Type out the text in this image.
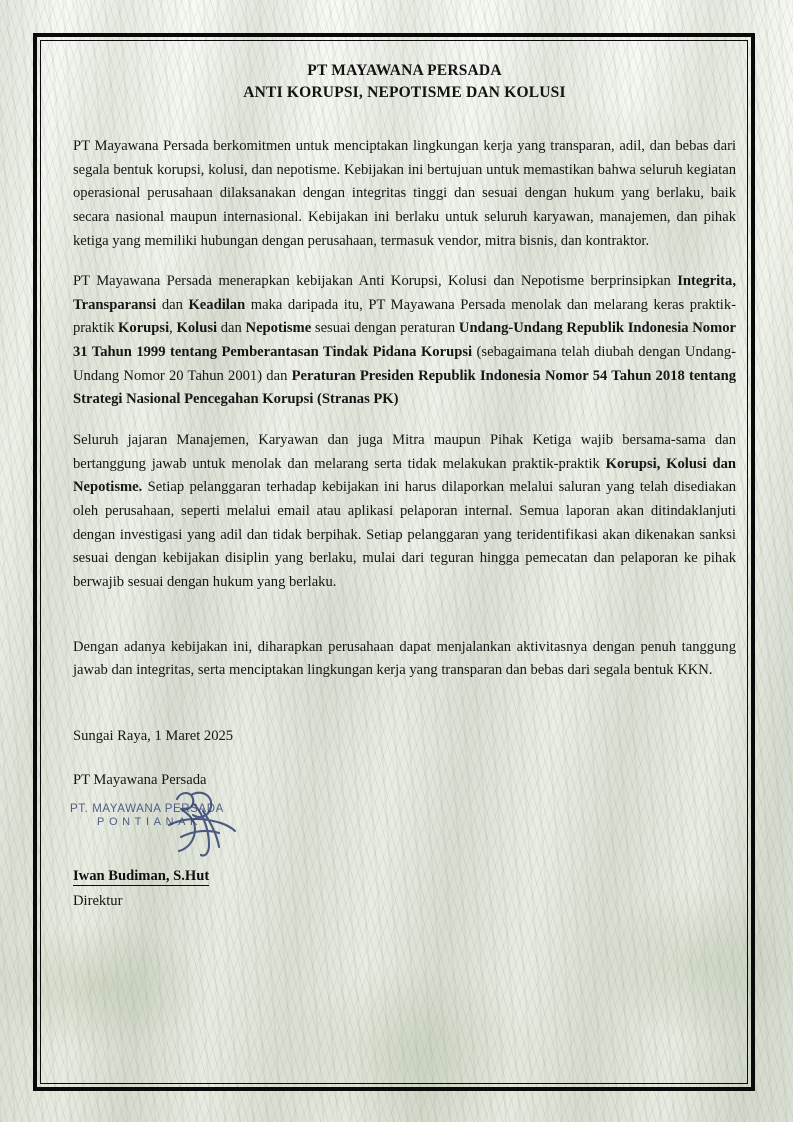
PT MAYAWANA PERSADA
ANTI KORUPSI, NEPOTISME DAN KOLUSI

PT Mayawana Persada berkomitmen untuk menciptakan lingkungan kerja yang transparan, adil, dan bebas dari segala bentuk korupsi, kolusi, dan nepotisme. Kebijakan ini bertujuan untuk memastikan bahwa seluruh kegiatan operasional perusahaan dilaksanakan dengan integritas tinggi dan sesuai dengan hukum yang berlaku, baik secara nasional maupun internasional. Kebijakan ini berlaku untuk seluruh karyawan, manajemen, dan pihak ketiga yang memiliki hubungan dengan perusahaan, termasuk vendor, mitra bisnis, dan kontraktor.

PT Mayawana Persada menerapkan kebijakan Anti Korupsi, Kolusi dan Nepotisme berprinsipkan Integrita, Transparansi dan Keadilan maka daripada itu, PT Mayawana Persada menolak dan melarang keras praktik-praktik Korupsi, Kolusi dan Nepotisme sesuai dengan peraturan Undang-Undang Republik Indonesia Nomor 31 Tahun 1999 tentang Pemberantasan Tindak Pidana Korupsi (sebagaimana telah diubah dengan Undang-Undang Nomor 20 Tahun 2001) dan Peraturan Presiden Republik Indonesia Nomor 54 Tahun 2018 tentang Strategi Nasional Pencegahan Korupsi (Stranas PK)

Seluruh jajaran Manajemen, Karyawan dan juga Mitra maupun Pihak Ketiga wajib bersama-sama dan bertanggung jawab untuk menolak dan melarang serta tidak melakukan praktik-praktik Korupsi, Kolusi dan Nepotisme. Setiap pelanggaran terhadap kebijakan ini harus dilaporkan melalui saluran yang telah disediakan oleh perusahaan, seperti melalui email atau aplikasi pelaporan internal. Semua laporan akan ditindaklanjuti dengan investigasi yang adil dan tidak berpihak. Setiap pelanggaran yang teridentifikasi akan dikenakan sanksi sesuai dengan kebijakan disiplin yang berlaku, mulai dari teguran hingga pemecatan dan pelaporan ke pihak berwajib sesuai dengan hukum yang berlaku.

Dengan adanya kebijakan ini, diharapkan perusahaan dapat menjalankan aktivitasnya dengan penuh tanggung jawab dan integritas, serta menciptakan lingkungan kerja yang transparan dan bebas dari segala bentuk KKN.

Sungai Raya, 1 Maret 2025

PT Mayawana Persada

PT. MAYAWANA PERSADA
PONTIANAK
Iwan Budiman, S.Hut
Direktur
